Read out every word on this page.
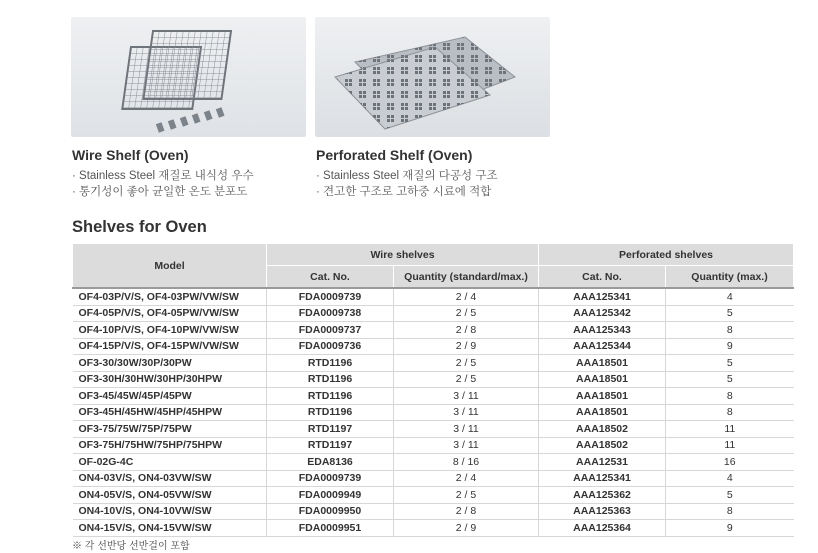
Wire Shelf (Oven)
· Stainless Steel 재질로 내식성 우수
· 통기성이 좋아 균일한 온도 분포도
Perforated Shelf (Oven)
· Stainless Steel 재질의 다공성 구조
· 견고한 구조로 고하중 시료에 적합
Shelves for Oven
Model	Wire shelves		Perforated shelves	
	Cat. No.	Quantity (standard/max.)	Cat. No.	Quantity (max.)
OF4-03P/V/S, OF4-03PW/VW/SW	FDA0009739	2 / 4	AAA125341	4
OF4-05P/V/S, OF4-05PW/VW/SW	FDA0009738	2 / 5	AAA125342	5
OF4-10P/V/S, OF4-10PW/VW/SW	FDA0009737	2 / 8	AAA125343	8
OF4-15P/V/S, OF4-15PW/VW/SW	FDA0009736	2 / 9	AAA125344	9
OF3-30/30W/30P/30PW	RTD1196	2 / 5	AAA18501	5
OF3-30H/30HW/30HP/30HPW	RTD1196	2 / 5	AAA18501	5
OF3-45/45W/45P/45PW	RTD1196	3 / 11	AAA18501	8
OF3-45H/45HW/45HP/45HPW	RTD1196	3 / 11	AAA18501	8
OF3-75/75W/75P/75PW	RTD1197	3 / 11	AAA18502	11
OF3-75H/75HW/75HP/75HPW	RTD1197	3 / 11	AAA18502	11
OF-02G-4C	EDA8136	8 / 16	AAA12531	16
ON4-03V/S, ON4-03VW/SW	FDA0009739	2 / 4	AAA125341	4
ON4-05V/S, ON4-05VW/SW	FDA0009949	2 / 5	AAA125362	5
ON4-10V/S, ON4-10VW/SW	FDA0009950	2 / 8	AAA125363	8
ON4-15V/S, ON4-15VW/SW	FDA0009951	2 / 9	AAA125364	9
※ 각 선반당 선반걸이 포함
